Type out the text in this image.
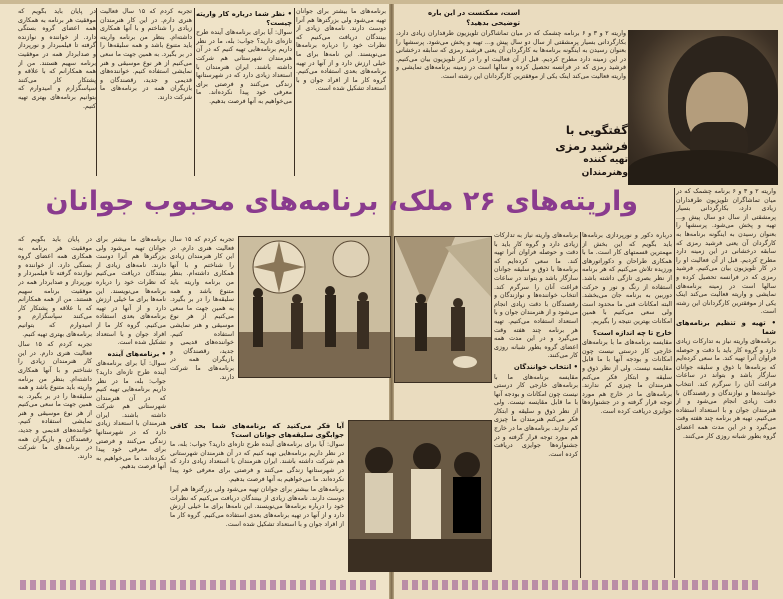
است، ممکنست در این باره توضیحی بدهید؟

واریته ۲ و ۳ و ۶ برنامه چشمک که در میان تماشاگران تلویزیون طرفداران زیادی دارد، بکارگردانی بسیار پرمشقتی از سال دو سال پیش و... تهیه و پخش می‌شود. پرسشها را بعنوان رسیدن به اینگونه برنامه‌ها به کارگردان آن یعنی فرشید رمزی که سابقه درخشانی در این زمینه دارد مطرح کردیم. قبل از آن فعالیت او را در کار تلویزیون بیان می‌کنیم. فرشید رمزی که در فرانسه تحصیل کرده و سالها است در زمینه برنامه‌های نمایشی و واریته فعالیت می‌کند اینک یکی از موفقترین کارگردانان این رشته است.

گفتگویی با
فرشید رمزی
تهیه کننده
وهنرمندان

برنامه‌های ما بیشتر برای جوانان تهیه می‌شود ولی بزرگترها هم آنرا دوست دارند. نامه‌های زیادی از بینندگان دریافت می‌کنیم که نظرات خود را درباره برنامه‌ها می‌نویسند. این نامه‌ها برای ما خیلی ارزش دارد و از آنها در تهیه برنامه‌های بعدی استفاده می‌کنیم. گروه کار ما از افراد جوان و با استعداد تشکیل شده است.

• نظر شما درباره کار واریته چیست؟

سوال: آیا برای برنامه‌های آینده طرح تازه‌ای دارید؟ جواب: بله، ما در نظر داریم برنامه‌هایی تهیه کنیم که در آن هنرمندان شهرستانی هم شرکت داشته باشند. ایران هنرمندان با استعداد زیادی دارد که در شهرستانها زندگی می‌کنند و فرصتی برای معرفی خود پیدا نکرده‌اند. ما می‌خواهیم به آنها فرصت بدهیم.

تجربه کردم که ۱۵ سال فعالیت هنری دارم. در این کار هنرمندان زیادی را شناختم و با آنها همکاری داشته‌ام. بنظر من برنامه واریته باید متنوع باشد و همه سلیقه‌ها را در بر بگیرد. به همین جهت ما سعی می‌کنیم از هر نوع موسیقی و هنر نمایشی استفاده کنیم. خواننده‌های قدیمی و جدید، رقصندگان و بازیگران همه در برنامه‌های ما شرکت دارند.

در پایان باید بگویم که موفقیت هر برنامه به همکاری همه اعضای گروه بستگی دارد. از خواننده و نوازنده گرفته تا فیلمبردار و نورپرداز و صدابردار همه در موفقیت برنامه سهیم هستند. من از همه همکارانم که با علاقه و پشتکار کار می‌کنند سپاسگزارم و امیدوارم که بتوانیم برنامه‌های بهتری تهیه کنیم.

واریته ۲ و ۳ و ۶ برنامه چشمک که در میان تماشاگران تلویزیون طرفداران زیادی دارد، بکارگردانی بسیار پرمشقتی از سال دو سال پیش و... تهیه و پخش می‌شود. پرسشها را بعنوان رسیدن به اینگونه برنامه‌ها به کارگردان آن یعنی فرشید رمزی که سابقه درخشانی در این زمینه دارد مطرح کردیم. قبل از آن فعالیت او را در کار تلویزیون بیان می‌کنیم. فرشید رمزی که در فرانسه تحصیل کرده و سالها است در زمینه برنامه‌های نمایشی و واریته فعالیت می‌کند اینک یکی از موفقترین کارگردانان این رشته است.

• تهیه و تنظیم برنامه‌های شما

برنامه‌های واریته نیاز به تدارکات زیادی دارد و گروه کار باید با دقت و حوصله فراوان آنرا تهیه کند. ما سعی کرده‌ایم که برنامه‌ها با ذوق و سلیقه جوانان سازگار باشد و بتواند در ساعات فراغت آنان را سرگرم کند. انتخاب خواننده‌ها و نوازندگان و رقصندگان با دقت زیادی انجام می‌شود و از هنرمندان جوان و با استعداد استفاده می‌کنیم. تهیه هر برنامه چند هفته وقت می‌گیرد و در این مدت همه اعضای گروه بطور شبانه روزی کار می‌کنند.

درباره دکور و نورپردازی برنامه‌ها باید بگویم که این بخش از مهمترین قسمتهای کار است. ما با همکاری طراحان و دکوراتورهای ورزیده تلاش می‌کنیم که هر برنامه از نظر بصری تازگی داشته باشد. استفاده از رنگ و نور و حرکت دوربین به برنامه جان می‌بخشد. البته امکانات فنی ما محدود است ولی سعی می‌کنیم با همین امکانات بهترین نتیجه را بگیریم.

خارج تا چه اندازه است؟

مقایسه برنامه‌های ما با برنامه‌های خارجی کار درستی نیست چون امکانات و بودجه آنها با ما قابل مقایسه نیست. ولی از نظر ذوق و سلیقه و ابتکار فکر می‌کنم هنرمندان ما چیزی کم ندارند. برنامه‌های ما در خارج هم مورد توجه قرار گرفته و در جشنواره‌ها جوایزی دریافت کرده است.

برنامه‌های واریته نیاز به تدارکات زیادی دارد و گروه کار باید با دقت و حوصله فراوان آنرا تهیه کند. ما سعی کرده‌ایم که برنامه‌ها با ذوق و سلیقه جوانان سازگار باشد و بتواند در ساعات فراغت آنان را سرگرم کند. انتخاب خواننده‌ها و نوازندگان و رقصندگان با دقت زیادی انجام می‌شود و از هنرمندان جوان و با استعداد استفاده می‌کنیم. تهیه هر برنامه چند هفته وقت می‌گیرد و در این مدت همه اعضای گروه بطور شبانه روزی کار می‌کنند.

• انتخاب خوانندگان

مقایسه برنامه‌های ما با برنامه‌های خارجی کار درستی نیست چون امکانات و بودجه آنها با ما قابل مقایسه نیست. ولی از نظر ذوق و سلیقه و ابتکار فکر می‌کنم هنرمندان ما چیزی کم ندارند. برنامه‌های ما در خارج هم مورد توجه قرار گرفته و در جشنواره‌ها جوایزی دریافت کرده است.

تجربه کردم که ۱۵ سال فعالیت هنری دارم. در این کار هنرمندان زیادی را شناختم و با آنها همکاری داشته‌ام. بنظر من برنامه واریته باید متنوع باشد و همه سلیقه‌ها را در بر بگیرد. به همین جهت ما سعی می‌کنیم از هر نوع موسیقی و هنر نمایشی استفاده کنیم. خواننده‌های قدیمی و جدید، رقصندگان و بازیگران همه در برنامه‌های ما شرکت دارند.

برنامه‌های ما بیشتر برای جوانان تهیه می‌شود ولی بزرگترها هم آنرا دوست دارند. نامه‌های زیادی از بینندگان دریافت می‌کنیم که نظرات خود را درباره برنامه‌ها می‌نویسند. این نامه‌ها برای ما خیلی ارزش دارد و از آنها در تهیه برنامه‌های بعدی استفاده می‌کنیم. گروه کار ما از افراد جوان و با استعداد تشکیل شده است.

• برنامه‌های آینده

سوال: آیا برای برنامه‌های آینده طرح تازه‌ای دارید؟ جواب: بله، ما در نظر داریم برنامه‌هایی تهیه کنیم که در آن هنرمندان شهرستانی هم شرکت داشته باشند. ایران هنرمندان با استعداد زیادی دارد که در شهرستانها زندگی می‌کنند و فرصتی برای معرفی خود پیدا نکرده‌اند. ما می‌خواهیم به آنها فرصت بدهیم.

در پایان باید بگویم که موفقیت هر برنامه به همکاری همه اعضای گروه بستگی دارد. از خواننده و نوازنده گرفته تا فیلمبردار و نورپرداز و صدابردار همه در موفقیت برنامه سهیم هستند. من از همه همکارانم که با علاقه و پشتکار کار می‌کنند سپاسگزارم و امیدوارم که بتوانیم برنامه‌های بهتری تهیه کنیم.

تجربه کردم که ۱۵ سال فعالیت هنری دارم. در این کار هنرمندان زیادی را شناختم و با آنها همکاری داشته‌ام. بنظر من برنامه واریته باید متنوع باشد و همه سلیقه‌ها را در بر بگیرد. به همین جهت ما سعی می‌کنیم از هر نوع موسیقی و هنر نمایشی استفاده کنیم. خواننده‌های قدیمی و جدید، رقصندگان و بازیگران همه در برنامه‌های ما شرکت دارند.

آیا فکر می‌کنید که برنامه‌های شما بحد کافی جوابگوی سلیقه‌های جوانان است؟

سوال: آیا برای برنامه‌های آینده طرح تازه‌ای دارید؟ جواب: بله، ما در نظر داریم برنامه‌هایی تهیه کنیم که در آن هنرمندان شهرستانی هم شرکت داشته باشند. ایران هنرمندان با استعداد زیادی دارد که در شهرستانها زندگی می‌کنند و فرصتی برای معرفی خود پیدا نکرده‌اند. ما می‌خواهیم به آنها فرصت بدهیم.

برنامه‌های ما بیشتر برای جوانان تهیه می‌شود ولی بزرگترها هم آنرا دوست دارند. نامه‌های زیادی از بینندگان دریافت می‌کنیم که نظرات خود را درباره برنامه‌ها می‌نویسند. این نامه‌ها برای ما خیلی ارزش دارد و از آنها در تهیه برنامه‌های بعدی استفاده می‌کنیم. گروه کار ما از افراد جوان و با استعداد تشکیل شده است.

واریته‌های ۲۶ ملک، برنامه‌های محبوب جوانان
